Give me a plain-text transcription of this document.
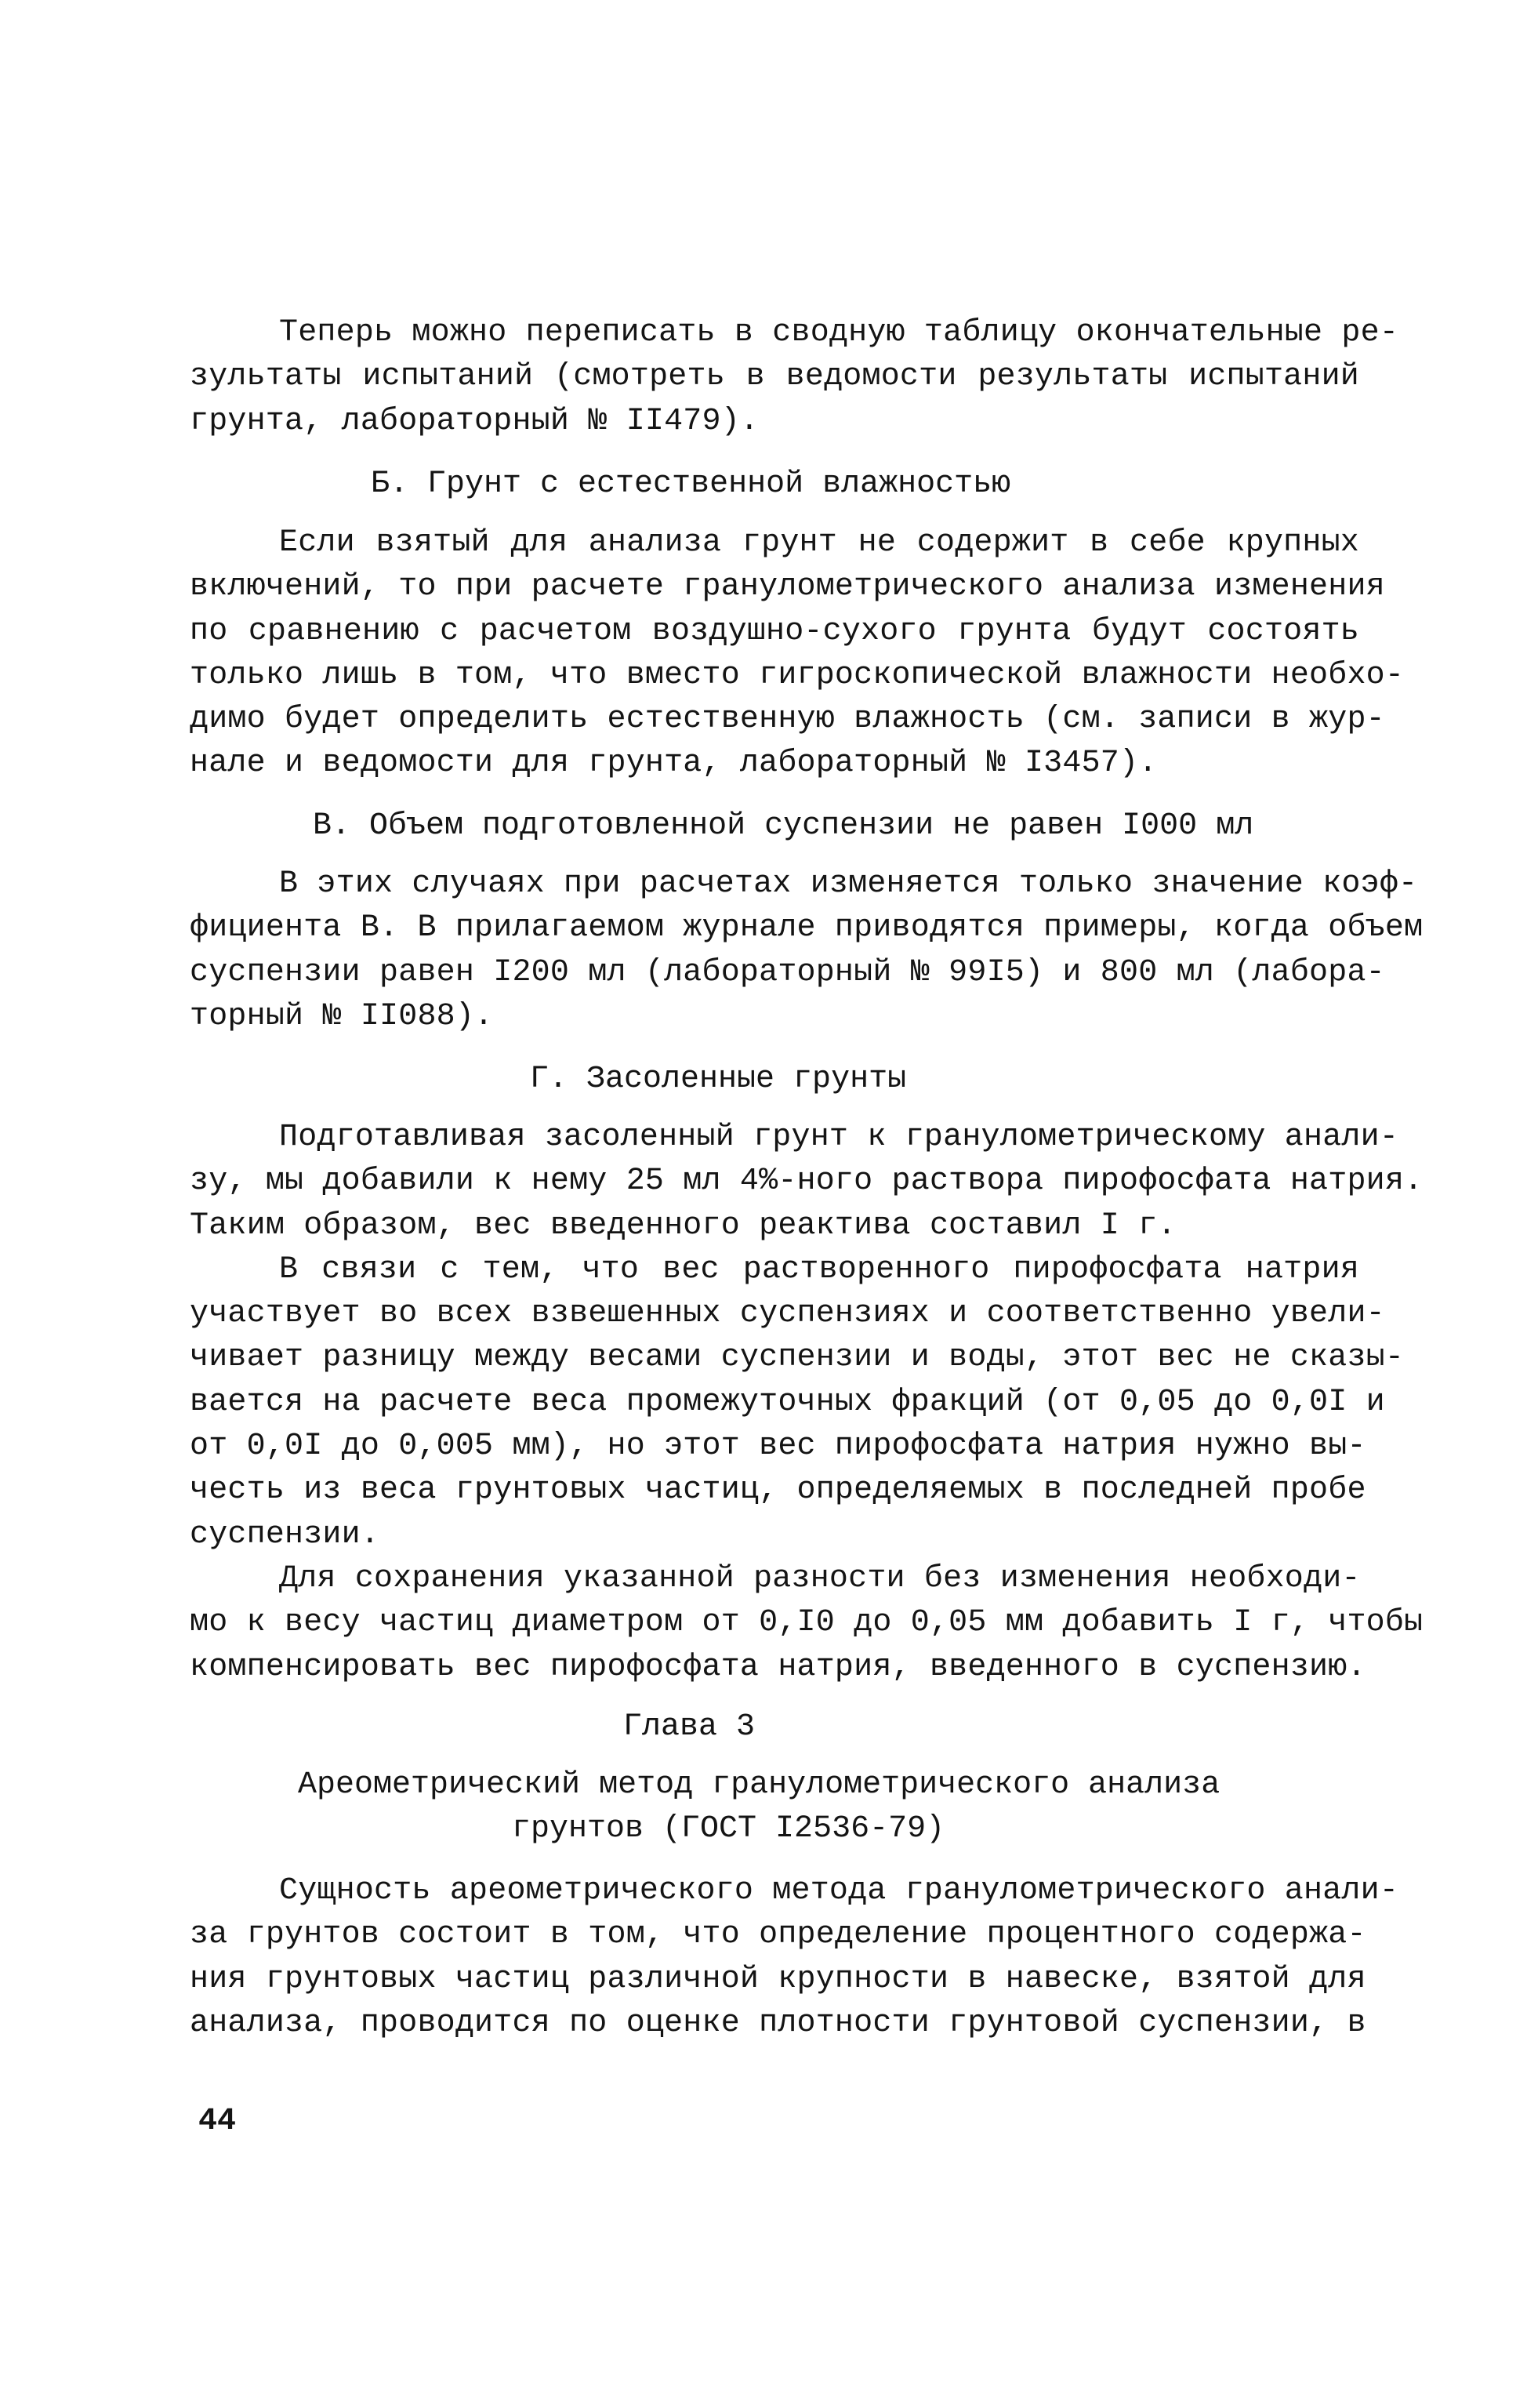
Теперь можно переписать в сводную таблицу окончательные ре-
зультаты испытаний (смотреть в ведомости результаты испытаний
грунта, лабораторный № II479).
Б. Грунт с естественной влажностью
Если взятый для анализа грунт не содержит в себе крупных
включений, то при расчете гранулометрического анализа изменения
по сравнению с расчетом воздушно-сухого грунта будут состоять
только лишь в том, что вместо гигроскопической влажности необхо-
димо будет определить естественную влажность (см. записи в жур-
нале и ведомости для грунта, лабораторный № I3457).
В. Объем подготовленной суспензии не равен I000 мл
В этих случаях при расчетах изменяется только значение коэф-
фициента В. В прилагаемом журнале приводятся примеры, когда объем
суспензии равен I200 мл (лабораторный № 99I5) и 800 мл (лабора-
торный № II088).
Г. Засоленные грунты
Подготавливая засоленный грунт к гранулометрическому анали-
зу, мы добавили к нему 25 мл 4%-ного раствора пирофосфата натрия.
Таким образом, вес введенного реактива составил I г.
В связи с тем, что вес растворенного пирофосфата натрия
участвует во всех взвешенных суспензиях и соответственно увели-
чивает разницу между весами суспензии и воды, этот вес не сказы-
вается на расчете веса промежуточных фракций (от 0,05 до 0,0I и
от 0,0I до 0,005 мм), но этот вес пирофосфата натрия нужно вы-
честь из веса грунтовых частиц, определяемых в последней пробе
суспензии.
Для сохранения указанной разности без изменения необходи-
мо к весу частиц диаметром от 0,I0 до 0,05 мм добавить I г, чтобы
компенсировать вес пирофосфата натрия, введенного в суспензию.
Глава 3
Ареометрический метод гранулометрического анализа
грунтов (ГОСТ I2536-79)
Сущность ареометрического метода гранулометрического анали-
за грунтов состоит в том, что определение процентного содержа-
ния грунтовых частиц различной крупности в навеске, взятой для
анализа, проводится по оценке плотности грунтовой суспензии, в
44
